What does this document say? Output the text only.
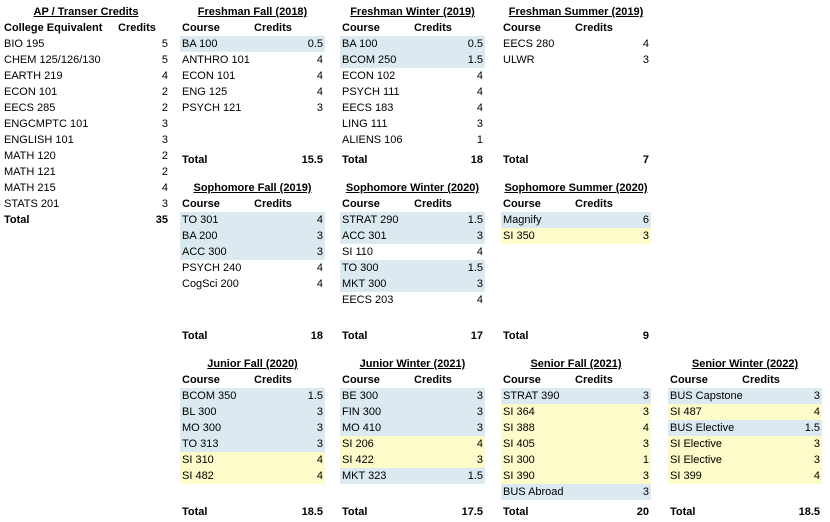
AP / Transer Credits
College Equivalent Credits
BIO 195	5
CHEM 125/126/130	5
EARTH 219	4
ECON 101	2
EECS 285	2
ENGCMPTC 101	3
ENGLISH 101	3
MATH 120	2
MATH 121	2
MATH 215	4
STATS 201	3
Total	35
Freshman Fall (2018)
Course	Credits
BA 100	0.5
ANTHRO 101	4
ECON 101	4
ENG 125	4
PSYCH 121	3
Total	15.5
Freshman Winter (2019)
Course	Credits
BA 100	0.5
BCOM 250	1.5
ECON 102	4
PSYCH 111	4
EECS 183	4
LING 111	3
ALIENS 106	1
Total	18
Freshman Summer (2019)
Course	Credits
EECS 280	4
ULWR	3
Total	7
Sophomore Fall (2019)
Course	Credits
TO 301	4
BA 200	3
ACC 300	3
PSYCH 240	4
CogSci 200	4
Total	18
Sophomore Winter (2020)
Course	Credits
STRAT 290	1.5
ACC 301	3
SI 110	4
TO 300	1.5
MKT 300	3
EECS 203	4
Total	17
Sophomore Summer (2020)
Course	Credits
Magnify	6
SI 350	3
Total	9
Junior Fall (2020)
Course	Credits
BCOM 350	1.5
BL 300	3
MO 300	3
TO 313	3
SI 310	4
SI 482	4
Total	18.5
Junior Winter (2021)
Course	Credits
BE 300	3
FIN 300	3
MO 410	3
SI 206	4
SI 422	3
MKT 323	1.5
Total	17.5
Senior Fall (2021)
Course	Credits
STRAT 390	3
SI 364	3
SI 388	4
SI 405	3
SI 300	1
SI 390	3
BUS Abroad	3
Total	20
Senior Winter (2022)
Course	Credits
BUS Capstone	3
SI 487	4
BUS Elective	1.5
SI Elective	3
SI Elective	3
SI 399	4
Total	18.5
